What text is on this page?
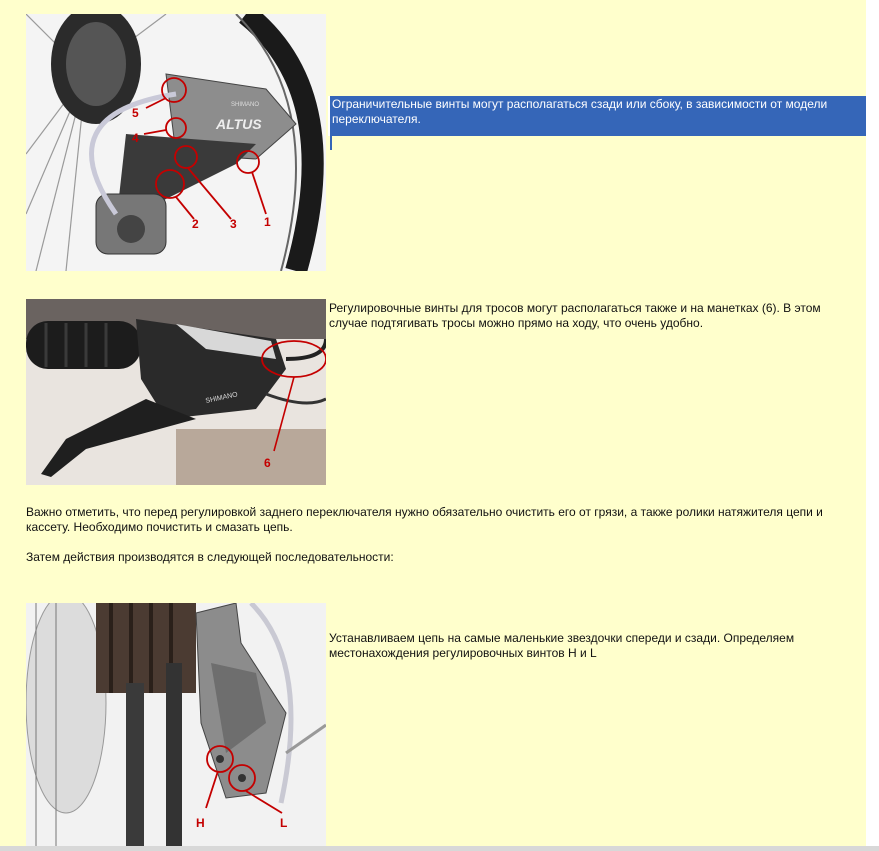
ALTUS
SHIMANO
5
4
3
2	1
Ограничительные винты могут располагаться сзади или сбоку, в зависимости от модели переключателя.
SHIMANO
6
Регулировочные винты для тросов могут располагаться также и на манетках (6). В этом случае подтягивать тросы можно прямо на ходу, что очень удобно.
Важно отметить, что перед регулировкой заднего переключателя нужно обязательно очистить его от грязи, а также ролики натяжителя цепи и кассету. Необходимо почистить и смазать цепь.
Затем действия производятся в следующей последовательности:
H	L
Устанавливаем цепь на самые маленькие звездочки спереди и сзади. Определяем местонахождения регулировочных винтов H и L
